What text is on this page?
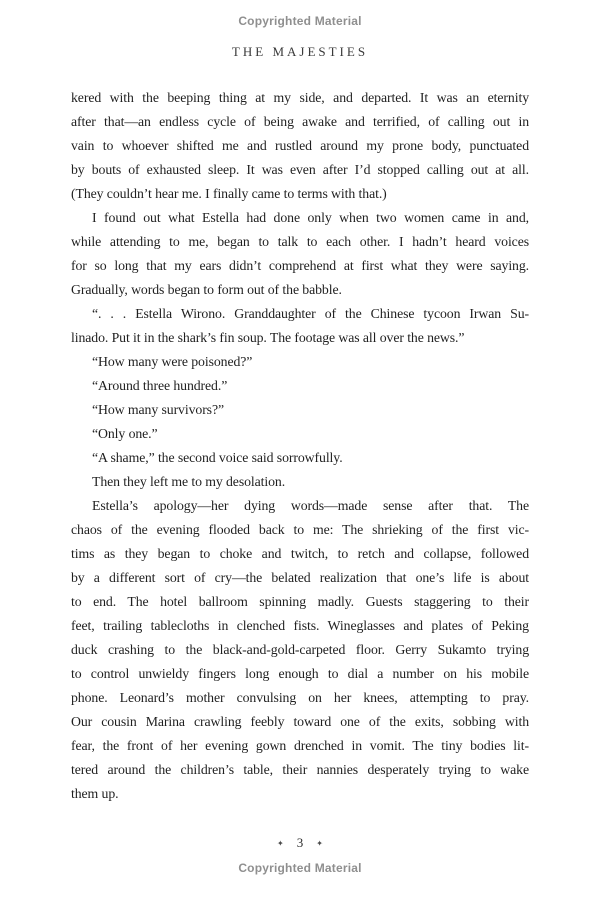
Copyrighted Material
THE MAJESTIES
kered with the beeping thing at my side, and departed. It was an eternity
after that—an endless cycle of being awake and terrified, of calling out in
vain to whoever shifted me and rustled around my prone body, punctuated
by bouts of exhausted sleep. It was even after I’d stopped calling out at all.
(They couldn’t hear me. I finally came to terms with that.)
I found out what Estella had done only when two women came in and,
while attending to me, began to talk to each other. I hadn’t heard voices
for so long that my ears didn’t comprehend at first what they were saying.
Gradually, words began to form out of the babble.
“. . . Estella Wirono. Granddaughter of the Chinese tycoon Irwan Su-
linado. Put it in the shark’s fin soup. The footage was all over the news.”
“How many were poisoned?”
“Around three hundred.”
“How many survivors?”
“Only one.”
“A shame,” the second voice said sorrowfully.
Then they left me to my desolation.
Estella’s apology—her dying words—made sense after that. The
chaos of the evening flooded back to me: The shrieking of the first vic-
tims as they began to choke and twitch, to retch and collapse, followed
by a different sort of cry—the belated realization that one’s life is about
to end. The hotel ballroom spinning madly. Guests staggering to their
feet, trailing tablecloths in clenched fists. Wineglasses and plates of Peking
duck crashing to the black-and-gold-carpeted floor. Gerry Sukamto trying
to control unwieldy fingers long enough to dial a number on his mobile
phone. Leonard’s mother convulsing on her knees, attempting to pray.
Our cousin Marina crawling feebly toward one of the exits, sobbing with
fear, the front of her evening gown drenched in vomit. The tiny bodies lit-
tered around the children’s table, their nannies desperately trying to wake
them up.
✦ 3 ✦
Copyrighted Material
